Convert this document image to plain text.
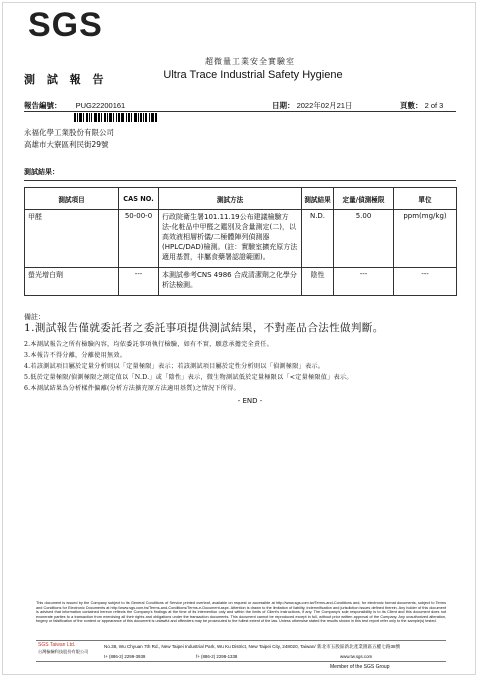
SGS
測 試 報 告
超微量工業安全實驗室
Ultra Trace Industrial Safety Hygiene
報告編號： PUG22200161	日期： 2022年02月21日	頁數： 2 of 3
永福化學工業股份有限公司
高雄市大寮區利民街29號
測試結果：
測試項目	CAS NO.	測試方法	測試結果	定量/偵測極限	單位
甲醛	50-00-0	行政院衛生署101.11.19公布建議檢驗方法-化粧品中甲醛之鑑別及含量測定(二)，以高效液相層析儀/二極體陣列偵測器(HPLC/DAD)檢測。(註：實驗室擴充原方法適用基質，非屬食藥署認證範圍)。	N.D.	5.00	ppm(mg/kg)
螢光增白劑	---	本測試參考CNS 4986 合成清潔劑之化學分析法檢測。	陰性	---	---
備註：
1.測試報告僅就委託者之委託事項提供測試結果，不對產品合法性做判斷。
2.本測試報告之所有檢驗內容，均依委託事項執行檢驗，如有不實，願意承擔完全責任。
3.本報告不得分離，分離使用無效。
4.若該測試項目屬於定量分析則以「定量極限」表示；若該測試項目屬於定性分析則以「偵測極限」表示。
5.低於定量極限/偵測極限之測定值以「N.D.」或「陰性」表示，微生物測試低於定量極限以「<定量極限值」表示。
6.本測試結果為分析樣件偏離(分析方法擴充原方法適用基質)之情況下所得。
- END -
This document is issued by the Company subject to its General Conditions of Service printed overleaf, available on request or accessible at http://www.sgs.com.tw/Terms-and-Conditions and, for electronic format documents, subject to Terms and Conditions for Electronic Documents at http://www.sgs.com.tw/Terms-and-Conditions/Terms-e-Document.aspx. Attention is drawn to the limitation of liability, indemnification and jurisdiction issues defined therein. Any holder of this document is advised that information contained hereon reflects the Company's findings at the time of its intervention only and within the limits of Client's instructions, if any. The Company's sole responsibility is to its Client and this document does not exonerate parties to a transaction from exercising all their rights and obligations under the transaction documents. This document cannot be reproduced except in full, without prior written approval of the Company. Any unauthorized alteration, forgery or falsification of the content or appearance of this document is unlawful and offenders may be prosecuted to the fullest extent of the law. Unless otherwise stated the results shown in this test report refer only to the sample(s) tested.
SGS Taiwan Ltd.
台灣檢驗科技股份有限公司
No.38, Wu Chyuan 7th Rd., New Taipei Industrial Park, Wu Ku District, New Taipei City, 248020, Taiwan/ 新北市五股區新北產業園區五權七路38號
t+ (886-2) 2299-3939	f+ (886-2) 2298-1338	www.tw.sgs.com
Member of the SGS Group
